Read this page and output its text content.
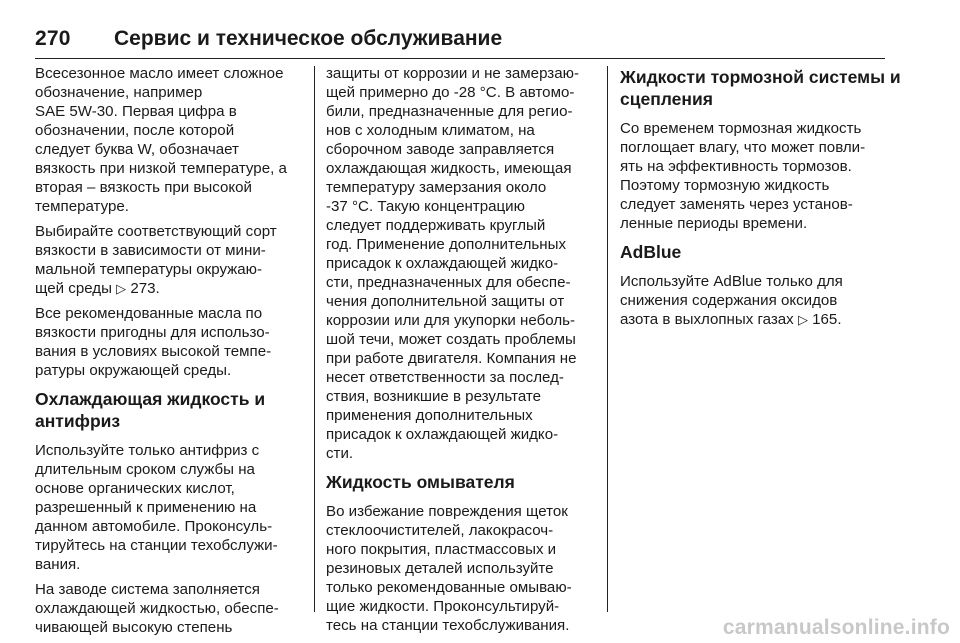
270 Сервис и техническое обслуживание

Всесезонное масло имеет сложное
обозначение, например
SAE 5W-30. Первая цифра в
обозначении, после которой
следует буква W, обозначает
вязкость при низкой температуре, а
вторая – вязкость при высокой
температуре.

Выбирайте соответствующий сорт
вязкости в зависимости от мини‐
мальной температуры окружаю‐
щей среды ▷ 273.

Все рекомендованные масла по
вязкости пригодны для использо‐
вания в условиях высокой темпе‐
ратуры окружающей среды.

Охлаждающая жидкость и
антифриз

Используйте только антифриз с
длительным сроком службы на
основе органических кислот,
разрешенный к применению на
данном автомобиле. Проконсуль‐
тируйтесь на станции техобслужи‐
вания.

На заводе система заполняется
охлаждающей жидкостью, обеспе‐
чивающей высокую степень

защиты от коррозии и не замерзаю‐
щей примерно до -28 °C. В автомо‐
били, предназначенные для регио‐
нов с холодным климатом, на
сборочном заводе заправляется
охлаждающая жидкость, имеющая
температуру замерзания около
-37 °C. Такую концентрацию
следует поддерживать круглый
год. Применение дополнительных
присадок к охлаждающей жидко‐
сти, предназначенных для обеспе‐
чения дополнительной защиты от
коррозии или для укупорки неболь‐
шой течи, может создать проблемы
при работе двигателя. Компания не
несет ответственности за послед‐
ствия, возникшие в результате
применения дополнительных
присадок к охлаждающей жидко‐
сти.

Жидкость омывателя

Во избежание повреждения щеток
стеклоочистителей, лакокрасоч‐
ного покрытия, пластмассовых и
резиновых деталей используйте
только рекомендованные омываю‐
щие жидкости. Проконсультируй‐
тесь на станции техобслуживания.

Жидкости тормозной системы и
сцепления

Со временем тормозная жидкость
поглощает влагу, что может повли‐
ять на эффективность тормозов.
Поэтому тормозную жидкость
следует заменять через установ‐
ленные периоды времени.

AdBlue

Используйте AdBlue только для
снижения содержания оксидов
азота в выхлопных газах ▷ 165.

carmanualsonline.info
